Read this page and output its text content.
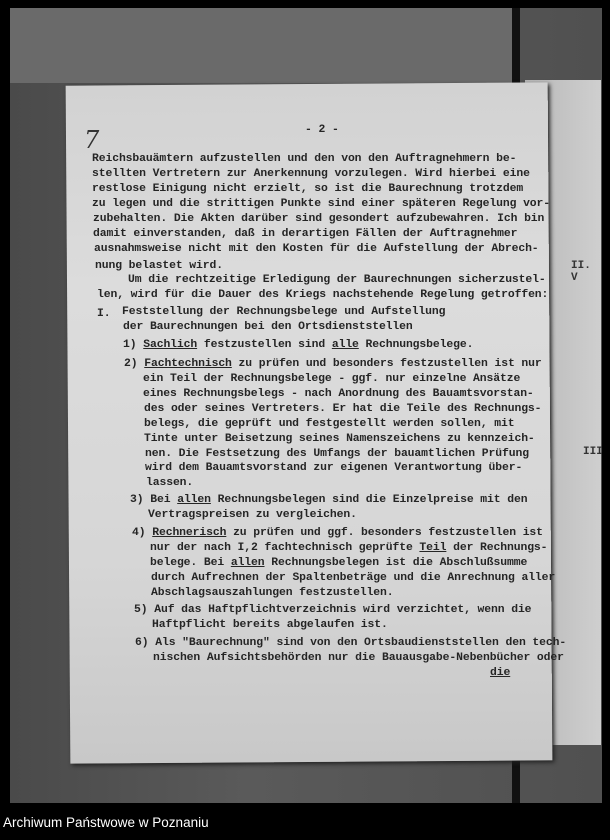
II. V
III
7	- 2 -
Reichsbauämtern aufzustellen und den von den Auftragnehmern be-
stellten Vertretern zur Anerkennung vorzulegen. Wird hierbei eine
restlose Einigung nicht erzielt, so ist die Baurechnung trotzdem
zu legen und die strittigen Punkte sind einer späteren Regelung vor-
zubehalten. Die Akten darüber sind gesondert aufzubewahren. Ich bin
damit einverstanden, daß in derartigen Fällen der Auftragnehmer
ausnahmsweise nicht mit den Kosten für die Aufstellung der Abrech-
nung belastet wird.
Um die rechtzeitige Erledigung der Baurechnungen sicherzustel-
len, wird für die Dauer des Kriegs nachstehende Regelung getroffen:
I. Feststellung der Rechnungsbelege und Aufstellung
der Baurechnungen bei den Ortsdienststellen
1) Sachlich festzustellen sind alle Rechnungsbelege.
2) Fachtechnisch zu prüfen und besonders festzustellen ist nur
ein Teil der Rechnungsbelege - ggf. nur einzelne Ansätze
eines Rechnungsbelegs - nach Anordnung des Bauamtsvorstan-
des oder seines Vertreters. Er hat die Teile des Rechnungs-
belegs, die geprüft und festgestellt werden sollen, mit
Tinte unter Beisetzung seines Namenszeichens zu kennzeich-
nen. Die Festsetzung des Umfangs der bauamtlichen Prüfung
wird dem Bauamtsvorstand zur eigenen Verantwortung über-
lassen.
3) Bei allen Rechnungsbelegen sind die Einzelpreise mit den
Vertragspreisen zu vergleichen.
4) Rechnerisch zu prüfen und ggf. besonders festzustellen ist
nur der nach I,2 fachtechnisch geprüfte Teil der Rechnungs-
belege. Bei allen Rechnungsbelegen ist die Abschlußsumme
durch Aufrechnen der Spaltenbeträge und die Anrechnung aller
Abschlagsauszahlungen festzustellen.
5) Auf das Haftpflichtverzeichnis wird verzichtet, wenn die
Haftpflicht bereits abgelaufen ist.
6) Als "Baurechnung" sind von den Ortsbaudienststellen den tech-
nischen Aufsichtsbehörden nur die Bauausgabe-Nebenbücher oder
die
Archiwum Państwowe w Poznaniu
